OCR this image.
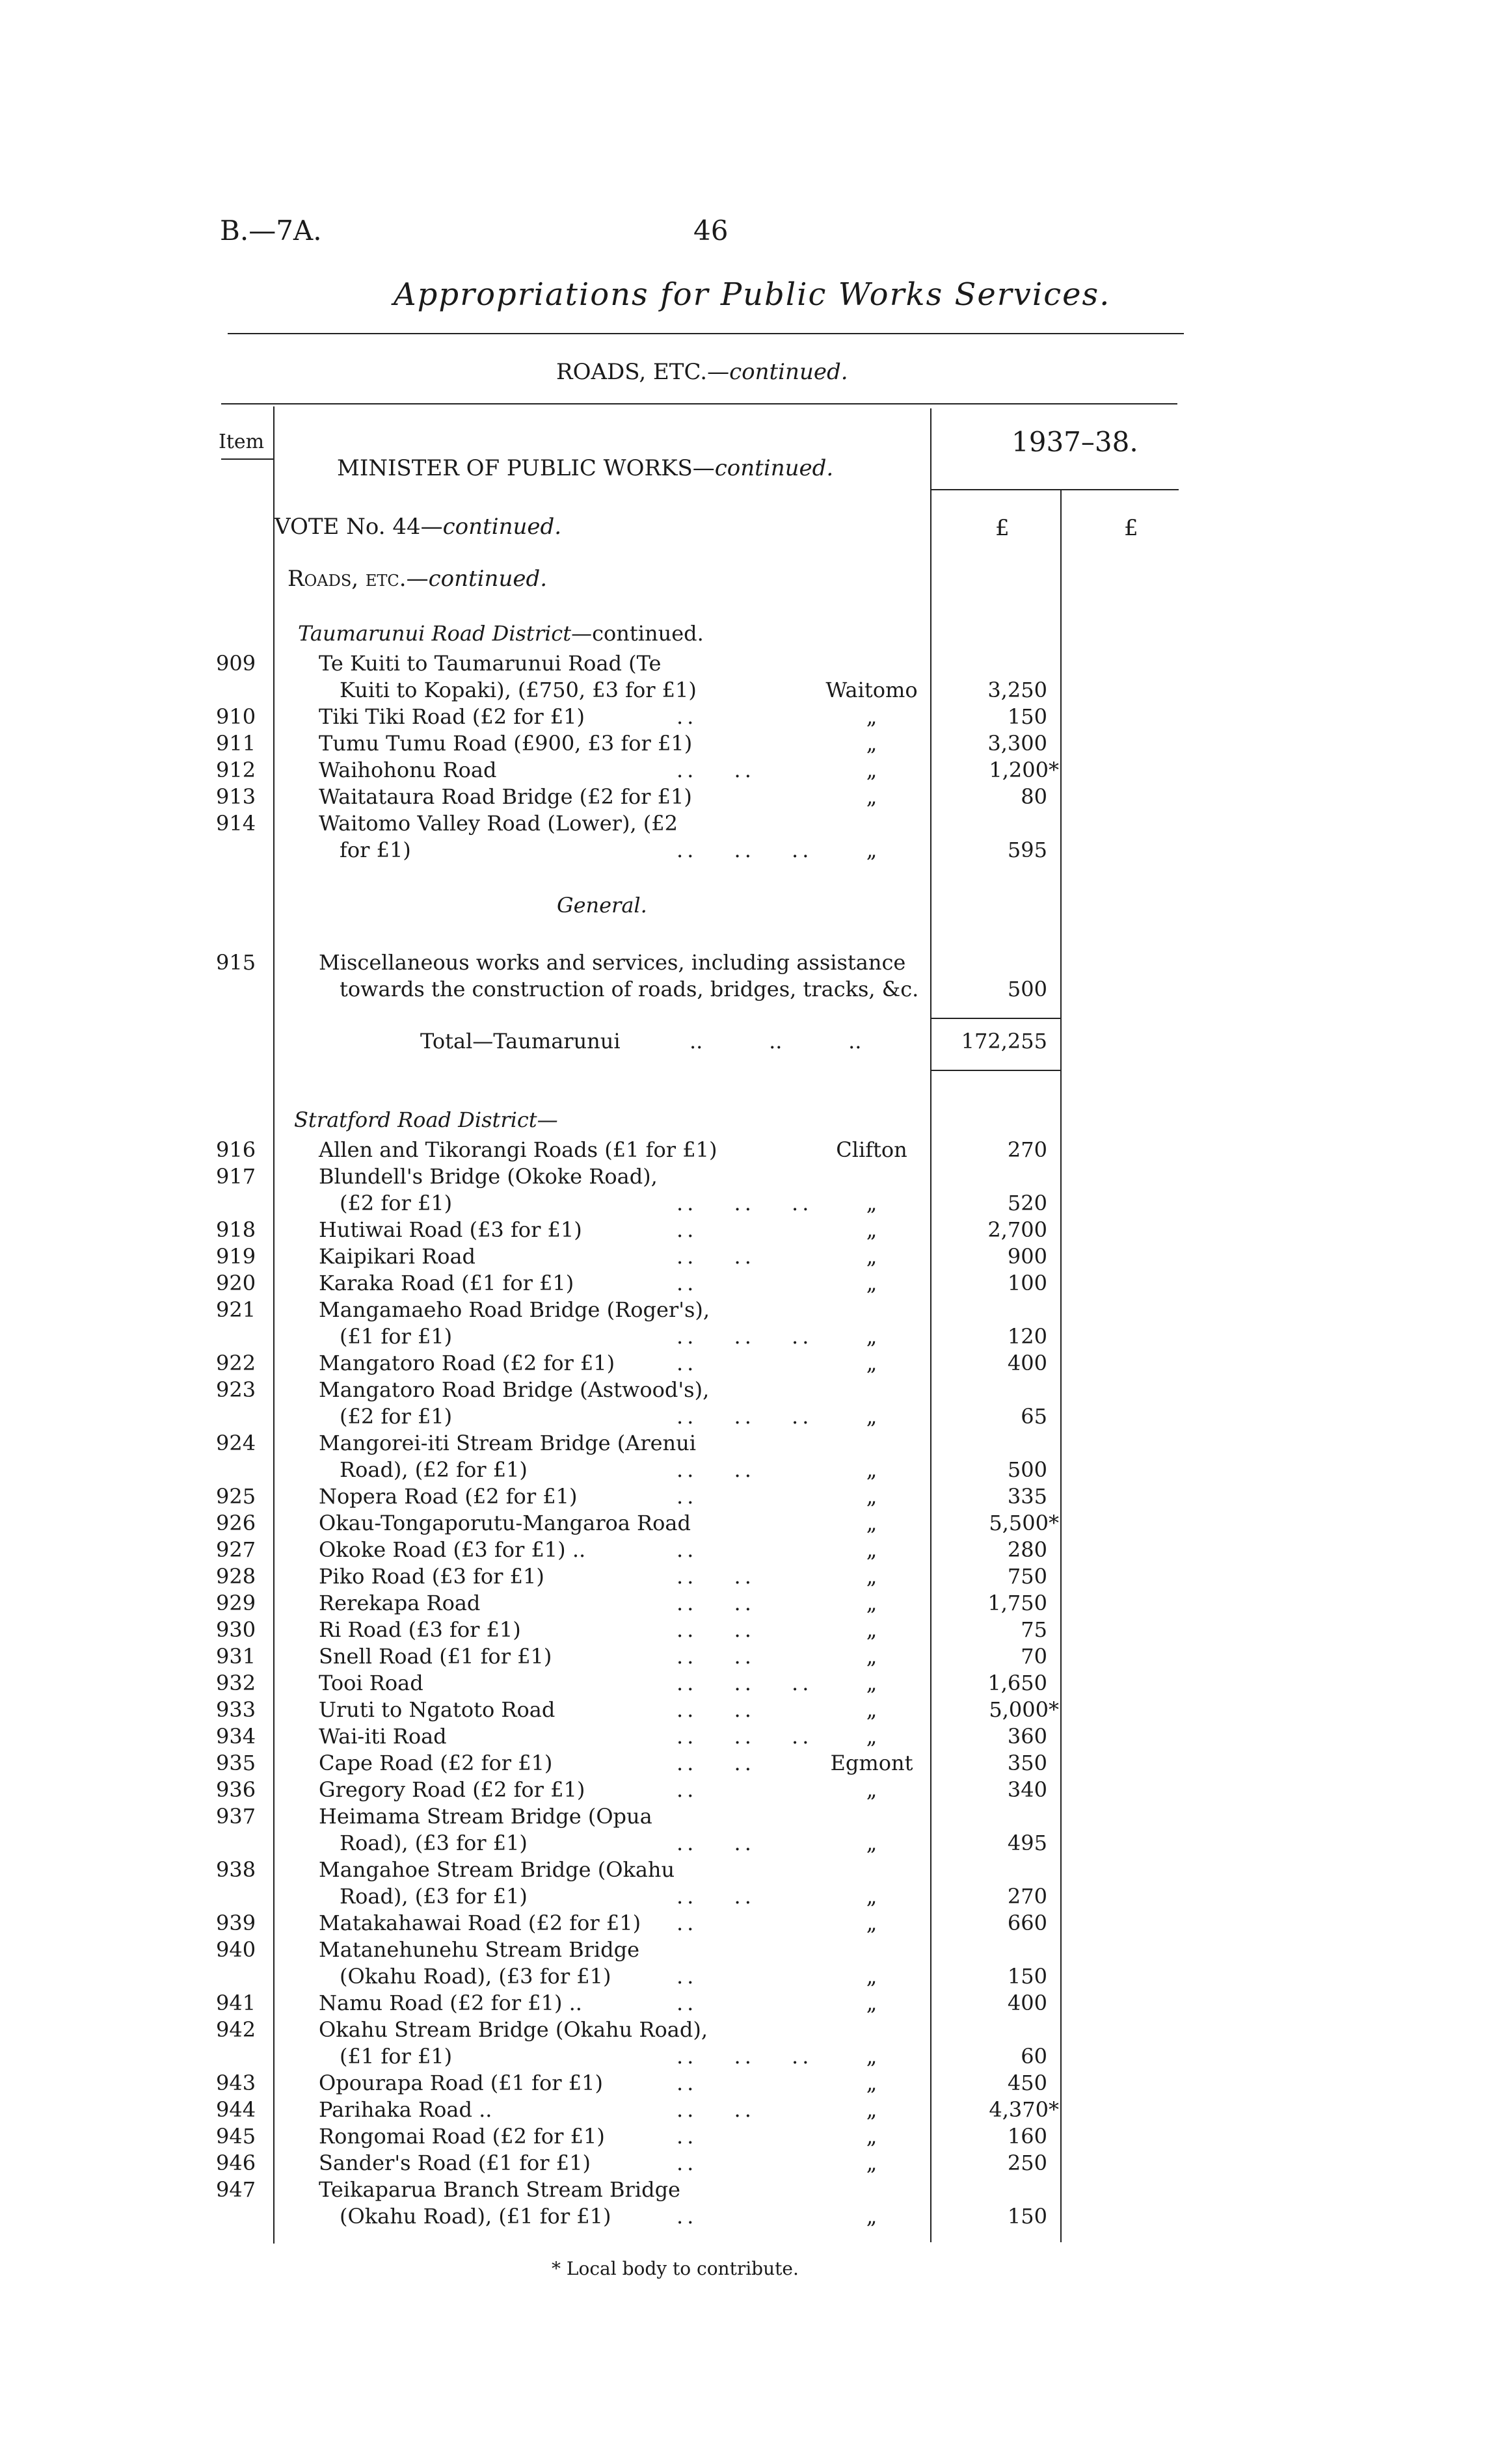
B.—7A.	46
Appropriations for Public Works Services.
ROADS, ETC.—continued.
Item	1937–38.
MINISTER OF PUBLIC WORKS—continued.
VOTE No. 44—continued.	£	£
Roads, etc.—continued.
Taumarunui Road District—continued.
909	Te Kuiti to Taumarunui Road (Te
Kuiti to Kopaki), (£750, £3 for £1)	Waitomo	3,250
910	Tiki Tiki Road (£2 for £1)	..	„	150
911	Tumu Tumu Road (£900, £3 for £1)	„	3,300
912	Waihohonu Road	.. ..	„	1,200*
913	Waitataura Road Bridge (£2 for £1)	„	80
914	Waitomo Valley Road (Lower), (£2
for £1)	.. .. ..	„	595
General.
915	Miscellaneous works and services, including assistance
towards the construction of roads, bridges, tracks, &c.	500
Total—Taumarunui	..          ..          ..	172,255
Stratford Road District—
916	Allen and Tikorangi Roads (£1 for £1)	Clifton	270
917	Blundell's Bridge (Okoke Road),
(£2 for £1)	.. .. ..	„	520
918	Hutiwai Road (£3 for £1)	..	„	2,700
919	Kaipikari Road	.. ..	„	900
920	Karaka Road (£1 for £1)	..	„	100
921	Mangamaeho Road Bridge (Roger's),
(£1 for £1)	.. .. ..	„	120
922	Mangatoro Road (£2 for £1)	..	„	400
923	Mangatoro Road Bridge (Astwood's),
(£2 for £1)	.. .. ..	„	65
924	Mangorei-iti Stream Bridge (Arenui
Road), (£2 for £1)	.. ..	„	500
925	Nopera Road (£2 for £1)	..	„	335
926	Okau-Tongaporutu-Mangaroa Road	„	5,500*
927	Okoke Road (£3 for £1) ..	..	„	280
928	Piko Road (£3 for £1)	.. ..	„	750
929	Rerekapa Road	.. ..	„	1,750
930	Ri Road (£3 for £1)	.. ..	„	75
931	Snell Road (£1 for £1)	.. ..	„	70
932	Tooi Road	.. .. ..	„	1,650
933	Uruti to Ngatoto Road	.. ..	„	5,000*
934	Wai-iti Road	.. .. ..	„	360
935	Cape Road (£2 for £1)	.. ..	Egmont	350
936	Gregory Road (£2 for £1)	..	„	340
937	Heimama Stream Bridge (Opua
Road), (£3 for £1)	.. ..	„	495
938	Mangahoe Stream Bridge (Okahu
Road), (£3 for £1)	.. ..	„	270
939	Matakahawai Road (£2 for £1) ..	„	660
940	Matanehunehu Stream Bridge
(Okahu Road), (£3 for £1)	..	„	150
941	Namu Road (£2 for £1) ..	..	„	400
942	Okahu Stream Bridge (Okahu Road),
(£1 for £1)	.. .. ..	„	60
943	Opourapa Road (£1 for £1)	..	„	450
944	Parihaka Road ..	.. ..	„	4,370*
945	Rongomai Road (£2 for £1)	..	„	160
946	Sander's Road (£1 for £1)	..	„	250
947	Teikaparua Branch Stream Bridge
(Okahu Road), (£1 for £1)	..	„	150
* Local body to contribute.
